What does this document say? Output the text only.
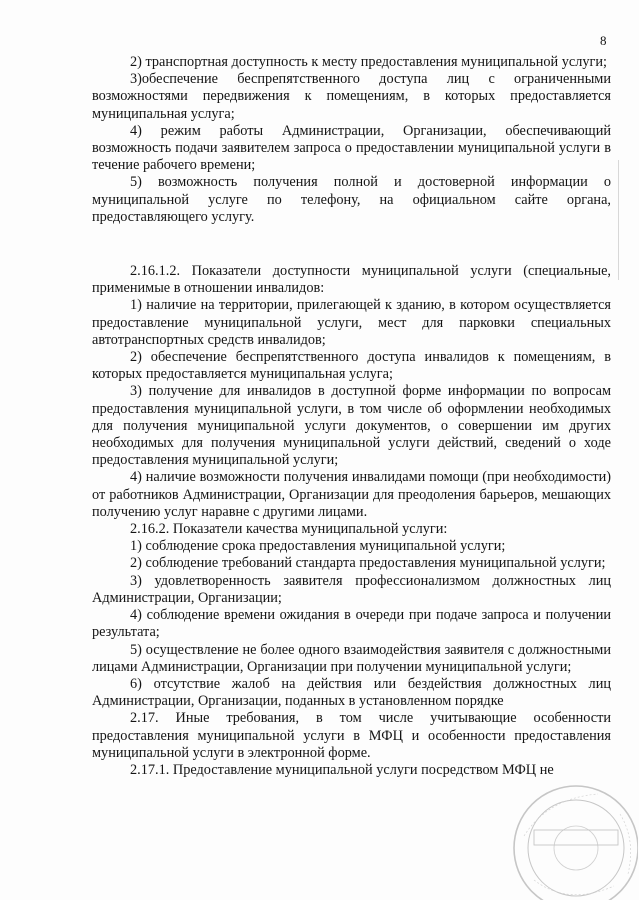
8

2) транспортная доступность к месту предоставления муниципальной услуги;

3)обеспечение беспрепятственного доступа лиц с ограниченными возможностями передвижения к помещениям, в которых предоставляется муниципальная услуга;

4) режим работы Администрации, Организации, обеспечивающий возможность подачи заявителем запроса о предоставлении муниципальной услуги в течение рабочего времени;

5) возможность получения полной и достоверной информации о муниципальной услуге по телефону, на официальном сайте органа, предоставляющего услугу.

2.16.1.2. Показатели доступности муниципальной услуги (специальные, применимые в отношении инвалидов:

1) наличие на территории, прилегающей к зданию, в котором осуществляется предоставление муниципальной услуги, мест для парковки специальных автотранспортных средств инвалидов;

2) обеспечение беспрепятственного доступа инвалидов к помещениям, в которых предоставляется муниципальная услуга;

3) получение для инвалидов в доступной форме информации по вопросам предоставления муниципальной услуги, в том числе об оформлении необходимых для получения муниципальной услуги документов, о совершении им других необходимых для получения муниципальной услуги действий, сведений о ходе предоставления муниципальной услуги;

4) наличие возможности получения инвалидами помощи (при необходимости) от работников Администрации, Организации для преодоления барьеров, мешающих получению услуг наравне с другими лицами.

2.16.2. Показатели качества муниципальной услуги:

1) соблюдение срока предоставления муниципальной услуги;

2) соблюдение требований стандарта предоставления муниципальной услуги;

3) удовлетворенность заявителя профессионализмом должностных лиц Администрации, Организации;

4) соблюдение времени ожидания в очереди при подаче запроса и получении результата;

5) осуществление не более одного взаимодействия заявителя с должностными лицами Администрации, Организации при получении муниципальной услуги;

6) отсутствие жалоб на действия или бездействия должностных лиц Администрации, Организации, поданных в установленном порядке

2.17. Иные требования, в том числе учитывающие особенности предоставления муниципальной услуги в МФЦ и особенности предоставления муниципальной услуги в электронной форме.

2.17.1. Предоставление муниципальной услуги посредством МФЦ не
